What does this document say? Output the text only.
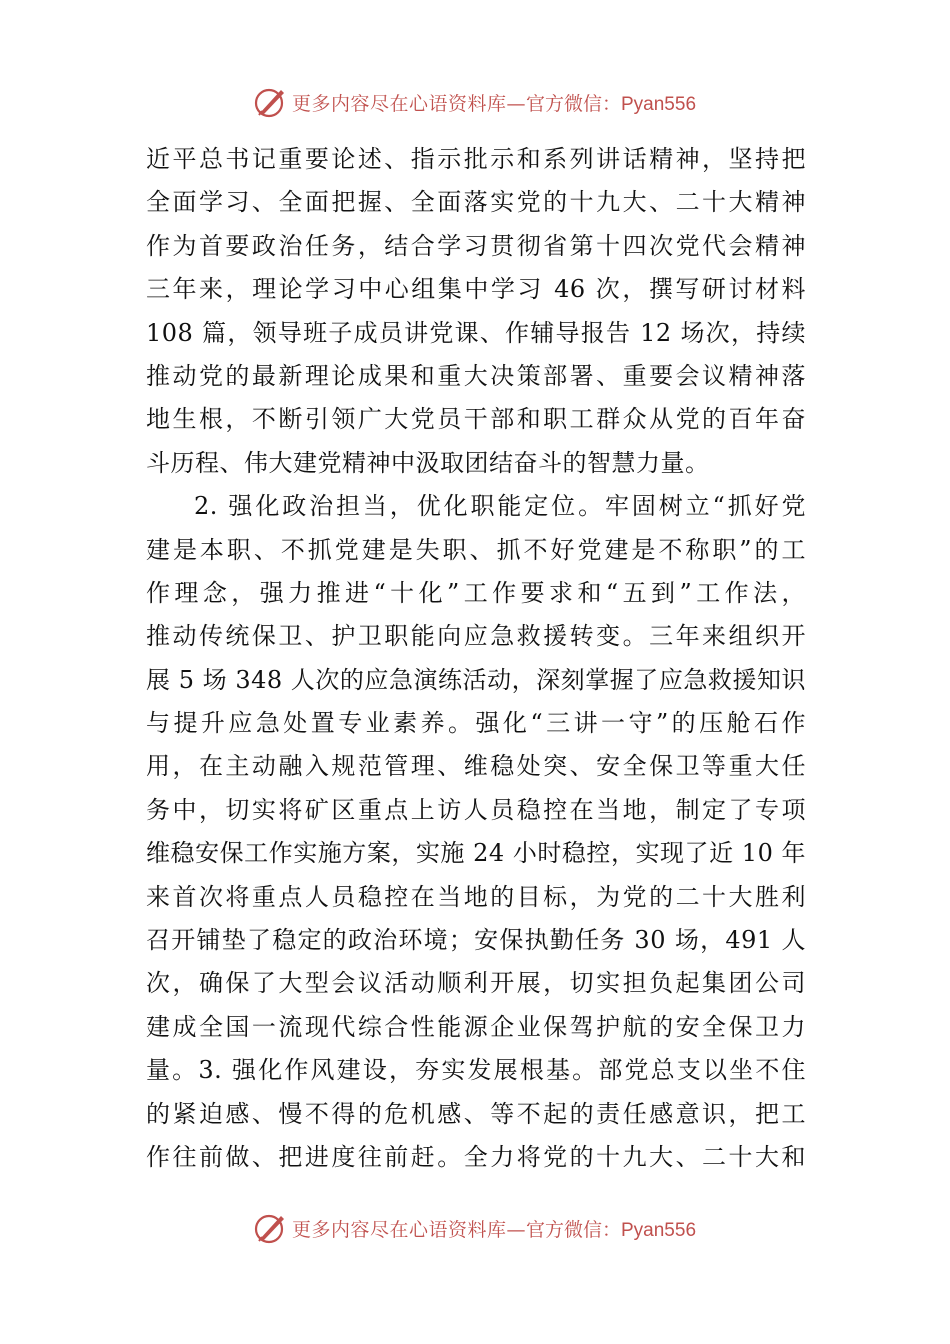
更多内容尽在心语资料库— 官方微信：Pyan556
近平总书记重要论述、指示批示和系列讲话精神，坚持把
全面学习、全面把握、全面落实党的十九大、二十大精神
作为首要政治任务，结合学习贯彻省第十四次党代会精神
三年来，理论学习中心组集中学习 46 次，撰写研讨材料
108 篇，领导班子成员讲党课、作辅导报告 12 场次，持续
推动党的最新理论成果和重大决策部署、重要会议精神落
地生根，不断引领广大党员干部和职工群众从党的百年奋
斗历程、伟大建党精神中汲取团结奋斗的智慧力量。
2. 强化政治担当，优化职能定位。牢固树立“抓好党
建是本职、不抓党建是失职、抓不好党建是不称职”的工
作理念，强力推进“十化”工作要求和“五到”工作法，
推动传统保卫、护卫职能向应急救援转变。三年来组织开
展 5 场 348 人次的应急演练活动，深刻掌握了应急救援知识
与提升应急处置专业素养。强化“三讲一守”的压舱石作
用，在主动融入规范管理、维稳处突、安全保卫等重大任
务中，切实将矿区重点上访人员稳控在当地，制定了专项
维稳安保工作实施方案，实施 24 小时稳控，实现了近 10 年
来首次将重点人员稳控在当地的目标，为党的二十大胜利
召开铺垫了稳定的政治环境；安保执勤任务 30 场，491 人
次，确保了大型会议活动顺利开展，切实担负起集团公司
建成全国一流现代综合性能源企业保驾护航的安全保卫力
量。3. 强化作风建设，夯实发展根基。部党总支以坐不住
的紧迫感、慢不得的危机感、等不起的责任感意识，把工
作往前做、把进度往前赶。全力将党的十九大、二十大和
更多内容尽在心语资料库— 官方微信：Pyan556
